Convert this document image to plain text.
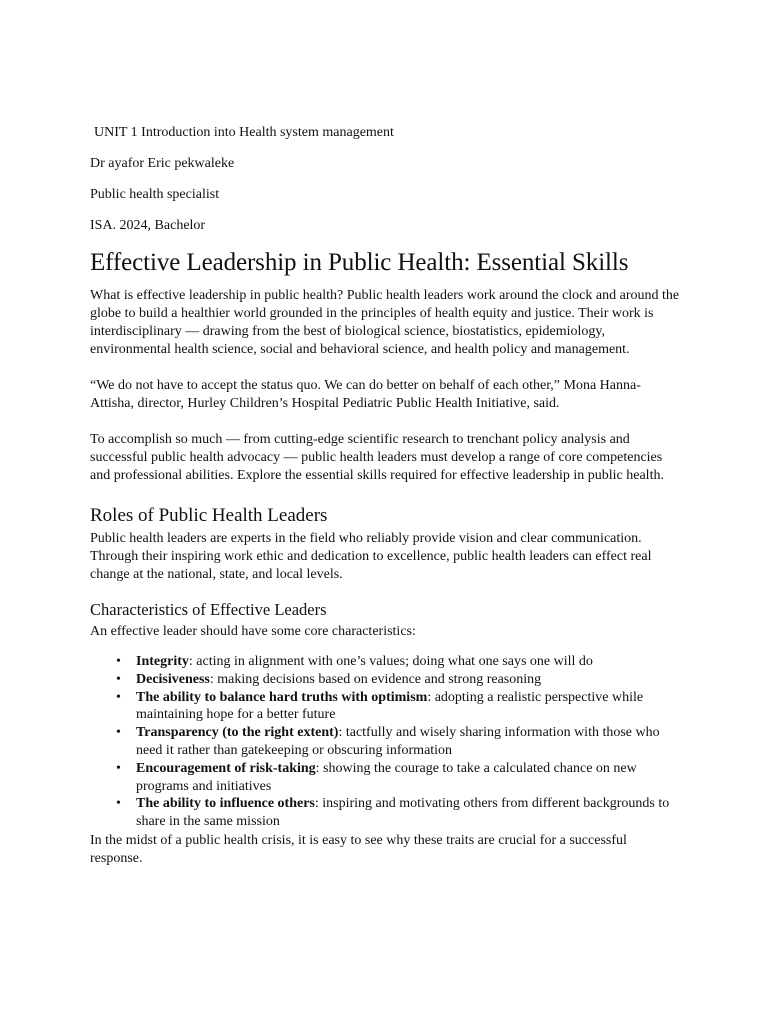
UNIT 1 Introduction into Health system management
Dr ayafor Eric pekwaleke
Public health specialist
ISA. 2024, Bachelor
Effective Leadership in Public Health: Essential Skills

What is effective leadership in public health? Public health leaders work around the clock and around the globe to build a healthier world grounded in the principles of health equity and justice. Their work is interdisciplinary — drawing from the best of biological science, biostatistics, epidemiology, environmental health science, social and behavioral science, and health policy and management.

“We do not have to accept the status quo. We can do better on behalf of each other,” Mona Hanna-Attisha, director, Hurley Children’s Hospital Pediatric Public Health Initiative, said.

To accomplish so much — from cutting-edge scientific research to trenchant policy analysis and successful public health advocacy — public health leaders must develop a range of core competencies and professional abilities. Explore the essential skills required for effective leadership in public health.

Roles of Public Health Leaders

Public health leaders are experts in the field who reliably provide vision and clear communication. Through their inspiring work ethic and dedication to excellence, public health leaders can effect real change at the national, state, and local levels.

Characteristics of Effective Leaders

An effective leader should have some core characteristics:

• Integrity: acting in alignment with one’s values; doing what one says one will do
• Decisiveness: making decisions based on evidence and strong reasoning
• The ability to balance hard truths with optimism: adopting a realistic perspective while maintaining hope for a better future
• Transparency (to the right extent): tactfully and wisely sharing information with those who need it rather than gatekeeping or obscuring information
• Encouragement of risk-taking: showing the courage to take a calculated chance on new programs and initiatives
• The ability to influence others: inspiring and motivating others from different backgrounds to share in the same mission

In the midst of a public health crisis, it is easy to see why these traits are crucial for a successful response.
